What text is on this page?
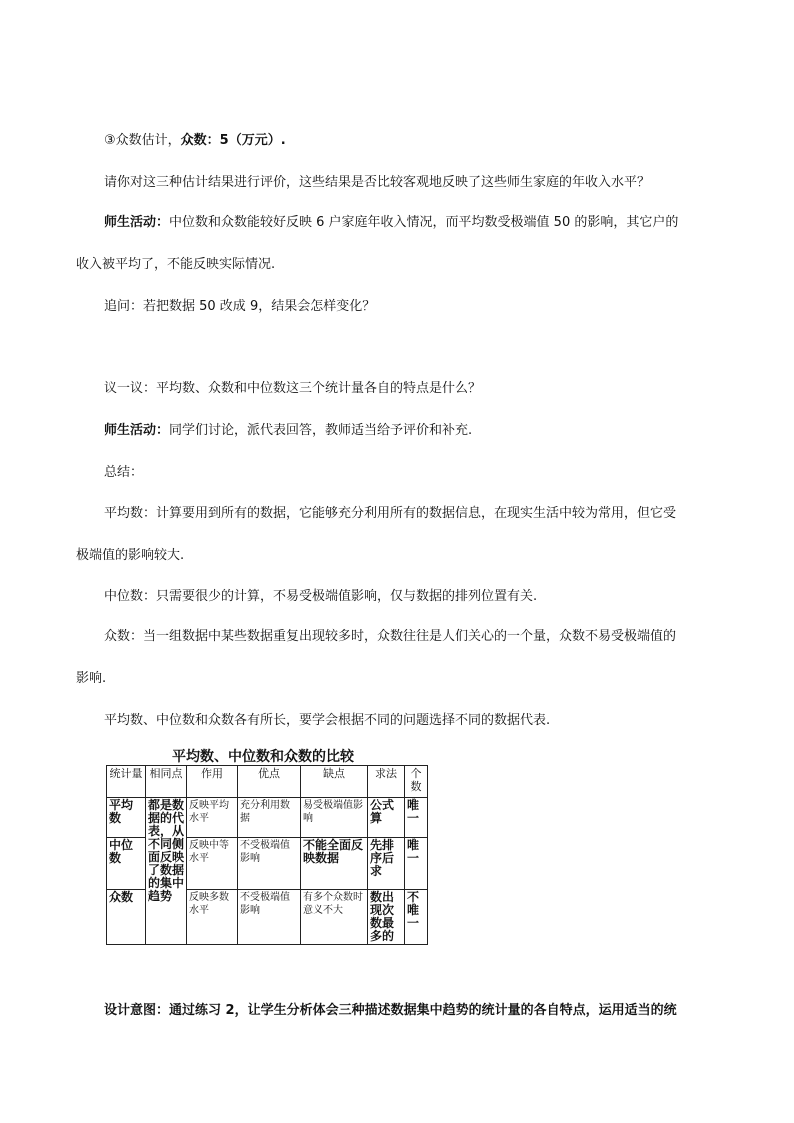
③众数估计，众数：5（万元）.
请你对这三种估计结果进行评价，这些结果是否比较客观地反映了这些师生家庭的年收入水平？
师生活动：中位数和众数能较好反映 6 户家庭年收入情况，而平均数受极端值 50 的影响，其它户的
收入被平均了，不能反映实际情况.
追问：若把数据 50 改成 9，结果会怎样变化？
议一议：平均数、众数和中位数这三个统计量各自的特点是什么？
师生活动：同学们讨论，派代表回答，教师适当给予评价和补充.
总结：
平均数：计算要用到所有的数据，它能够充分利用所有的数据信息，在现实生活中较为常用，但它受
极端值的影响较大.
中位数：只需要很少的计算，不易受极端值影响，仅与数据的排列位置有关.
众数：当一组数据中某些数据重复出现较多时，众数往往是人们关心的一个量，众数不易受极端值的
影响.
平均数、中位数和众数各有所长，要学会根据不同的问题选择不同的数据代表.
平均数、中位数和众数的比较
统计量	相同点	作用	优点	缺点	求法	个数
平均数	都是数据的代表，从不同侧面反映了数据的集中趋势	反映平均水平	充分利用数据	易受极端值影响	公式算	唯一
中位数		反映中等水平	不受极端值影响	不能全面反映数据	先排序后求	唯一
众数		反映多数水平	不受极端值影响	有多个众数时意义不大	数出现次数最多的	不唯一
设计意图：通过练习 2，让学生分析体会三种描述数据集中趋势的统计量的各自特点，运用适当的统
